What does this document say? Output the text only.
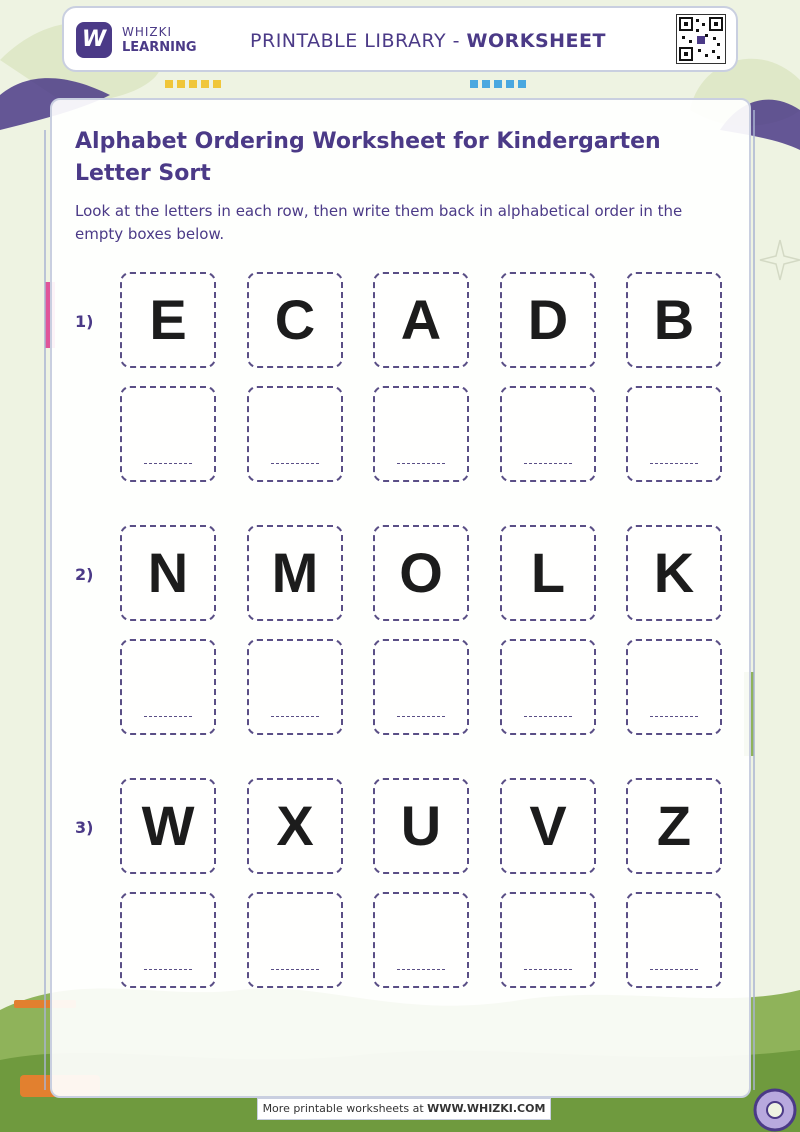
W	WHIZKI
LEARNING	PRINTABLE LIBRARY - WORKSHEET
Alphabet Ordering Worksheet for Kindergarten Letter Sort

Look at the letters in each row, then write them back in alphabetical order in the empty boxes below.

1) E	C	A	D	B
2) N	M	O	L	K
3) W	X	U	V	Z
More printable worksheets at WWW.WHIZKI.COM
